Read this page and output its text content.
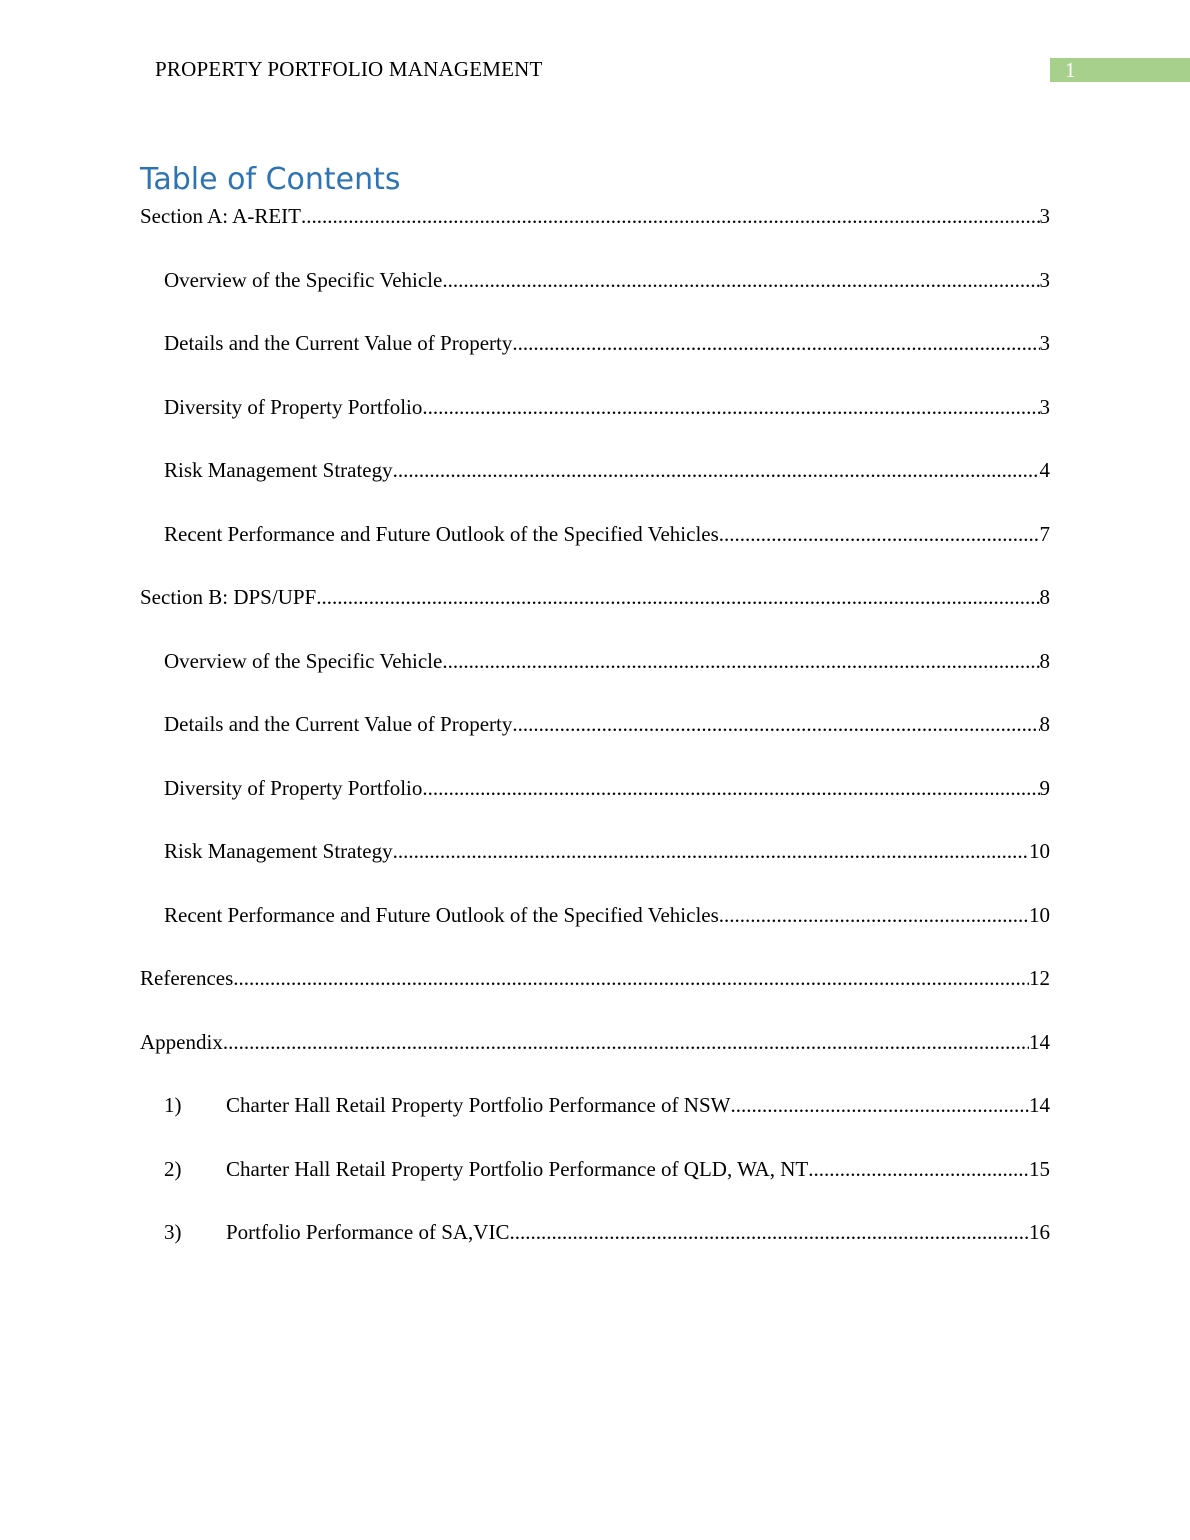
PROPERTY PORTFOLIO MANAGEMENT	1
Table of Contents
Section A: A-REIT .....	3
Overview of the Specific Vehicle .....	3
Details and the Current Value of Property .....	3
Diversity of Property Portfolio .....	3
Risk Management Strategy .....	4
Recent Performance and Future Outlook of the Specified Vehicles .....	7
Section B: DPS/UPF .....	8
Overview of the Specific Vehicle .....	8
Details and the Current Value of Property .....	8
Diversity of Property Portfolio .....	9
Risk Management Strategy .....	10
Recent Performance and Future Outlook of the Specified Vehicles .....	10
References .....	12
Appendix .....	14
1)	Charter Hall Retail Property Portfolio Performance of NSW .....	14
2)	Charter Hall Retail Property Portfolio Performance of QLD, WA, NT .....	15
3)	Portfolio Performance of SA,VIC .....	16
